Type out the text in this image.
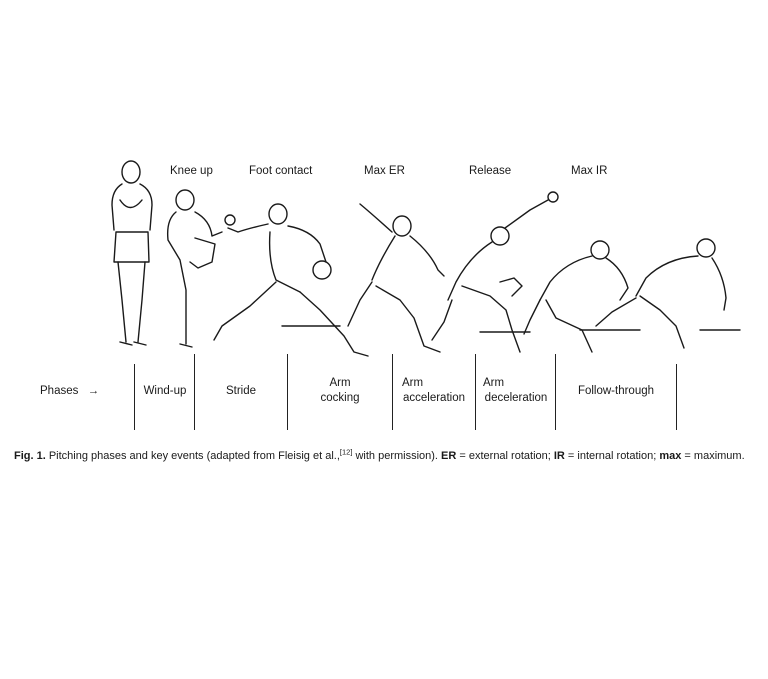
Knee up	Foot contact	Max ER	Release	Max IR
Phases →	Wind-up	Stride
Arm
cocking
Arm
acceleration
Arm
deceleration
Follow-through
Fig. 1. Pitching phases and key events (adapted from Fleisig et al.,[12] with permission). ER = external rotation; IR = internal rotation; max = maximum.
